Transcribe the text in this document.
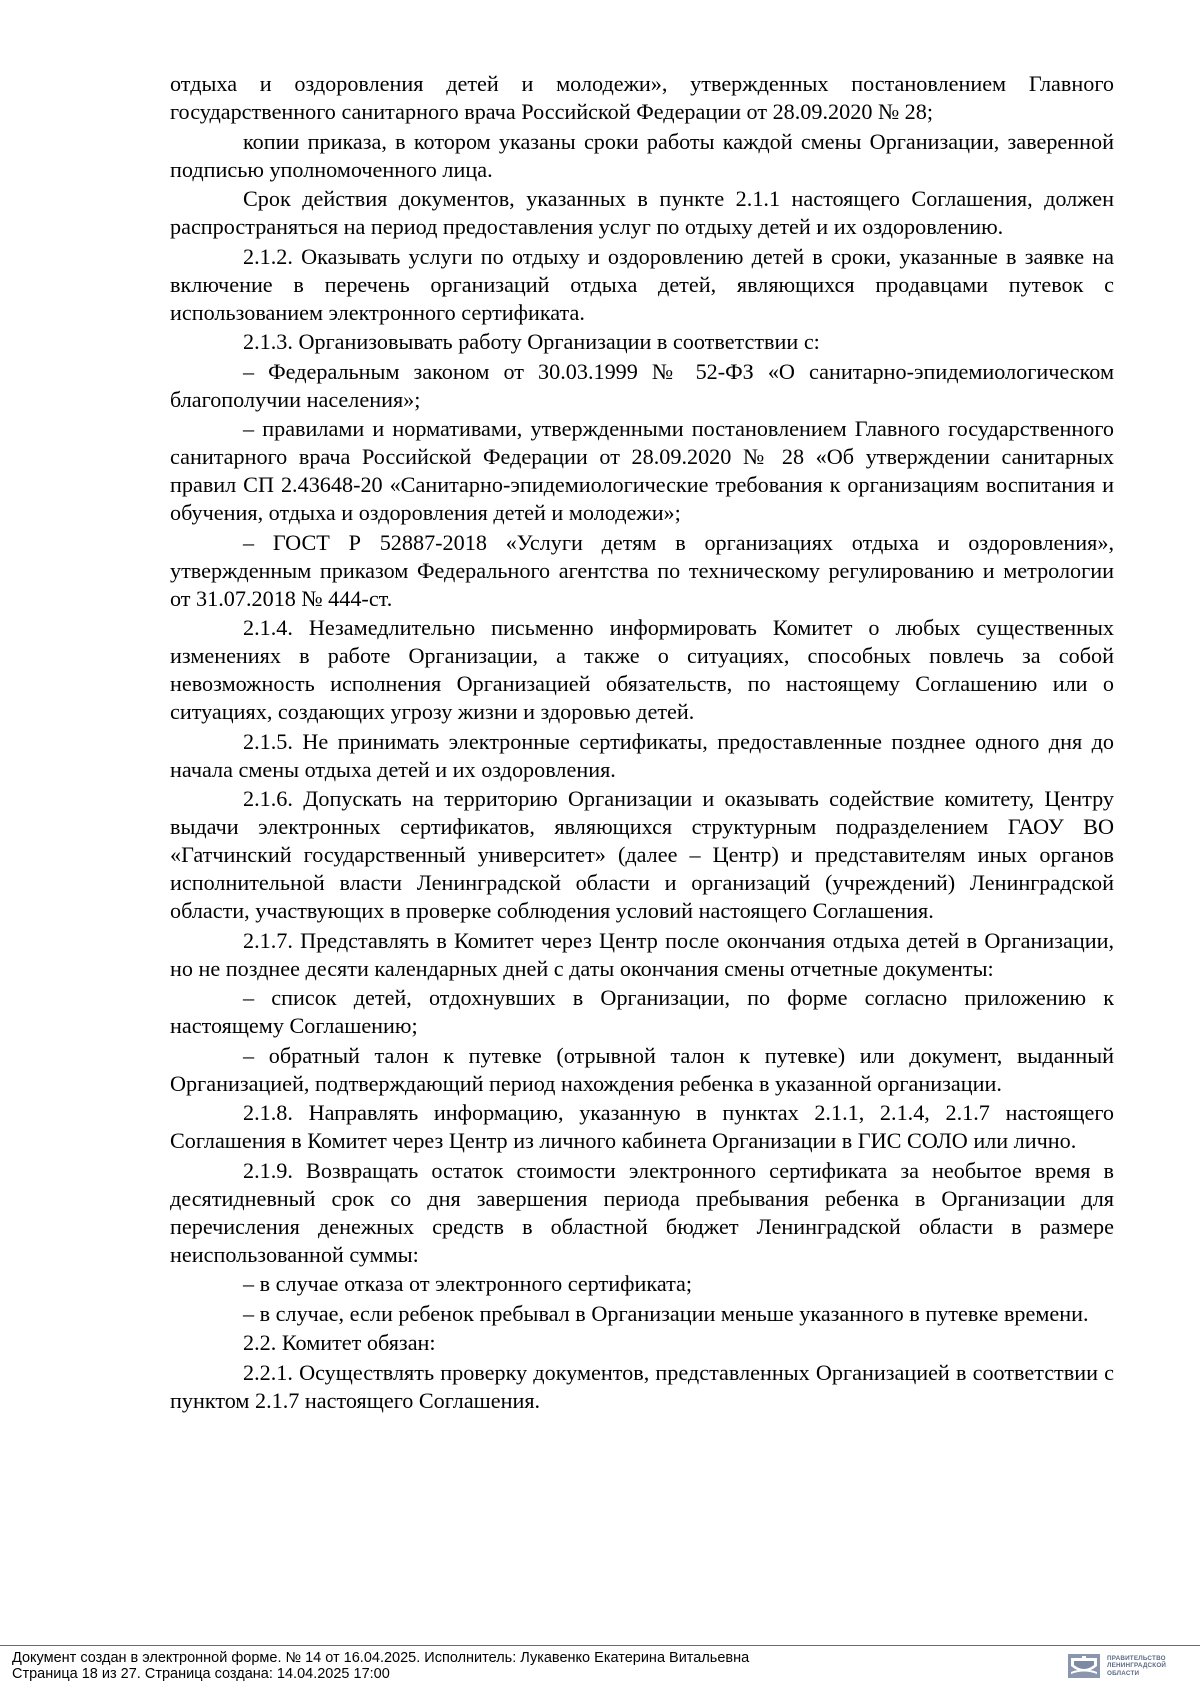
отдыха и оздоровления детей и молодежи», утвержденных постановлением Главного государственного санитарного врача Российской Федерации от 28.09.2020 № 28;

копии приказа, в котором указаны сроки работы каждой смены Организации, заверенной подписью уполномоченного лица.

Срок действия документов, указанных в пункте 2.1.1 настоящего Соглашения, должен распространяться на период предоставления услуг по отдыху детей и их оздоровлению.

2.1.2. Оказывать услуги по отдыху и оздоровлению детей в сроки, указанные в заявке на включение в перечень организаций отдыха детей, являющихся продавцами путевок с использованием электронного сертификата.

2.1.3. Организовывать работу Организации в соответствии с:

– Федеральным законом от 30.03.1999 № 52-ФЗ «О санитарно-эпидемиологическом благополучии населения»;

– правилами и нормативами, утвержденными постановлением Главного государственного санитарного врача Российской Федерации от 28.09.2020 № 28 «Об утверждении санитарных правил СП 2.43648-20 «Санитарно-эпидемиологические требования к организациям воспитания и обучения, отдыха и оздоровления детей и молодежи»;

– ГОСТ Р 52887-2018 «Услуги детям в организациях отдыха и оздоровления», утвержденным приказом Федерального агентства по техническому регулированию и метрологии от 31.07.2018 № 444-ст.

2.1.4. Незамедлительно письменно информировать Комитет о любых существенных изменениях в работе Организации, а также о ситуациях, способных повлечь за собой невозможность исполнения Организацией обязательств, по настоящему Соглашению или о ситуациях, создающих угрозу жизни и здоровью детей.

2.1.5. Не принимать электронные сертификаты, предоставленные позднее одного дня до начала смены отдыха детей и их оздоровления.

2.1.6. Допускать на территорию Организации и оказывать содействие комитету, Центру выдачи электронных сертификатов, являющихся структурным подразделением ГАОУ ВО «Гатчинский государственный университет» (далее – Центр) и представителям иных органов исполнительной власти Ленинградской области и организаций (учреждений) Ленинградской области, участвующих в проверке соблюдения условий настоящего Соглашения.

2.1.7. Представлять в Комитет через Центр после окончания отдыха детей в Организации, но не позднее десяти календарных дней с даты окончания смены отчетные документы:

– список детей, отдохнувших в Организации, по форме согласно приложению к настоящему Соглашению;

– обратный талон к путевке (отрывной талон к путевке) или документ, выданный Организацией, подтверждающий период нахождения ребенка в указанной организации.

2.1.8. Направлять информацию, указанную в пунктах 2.1.1, 2.1.4, 2.1.7 настоящего Соглашения в Комитет через Центр из личного кабинета Организации в ГИС СОЛО или лично.

2.1.9. Возвращать остаток стоимости электронного сертификата за необытое время в десятидневный срок со дня завершения периода пребывания ребенка в Организации для перечисления денежных средств в областной бюджет Ленинградской области в размере неиспользованной суммы:

– в случае отказа от электронного сертификата;

– в случае, если ребенок пребывал в Организации меньше указанного в путевке времени.

2.2. Комитет обязан:

2.2.1. Осуществлять проверку документов, представленных Организацией в соответствии с пунктом 2.1.7 настоящего Соглашения.

Документ создан в электронной форме. № 14 от 16.04.2025. Исполнитель: Лукавенко Екатерина Витальевна
Страница 18 из 27. Страница создана: 14.04.2025 17:00
ПРАВИТЕЛЬСТВО
ЛЕНИНГРАДСКОЙ
ОБЛАСТИ
